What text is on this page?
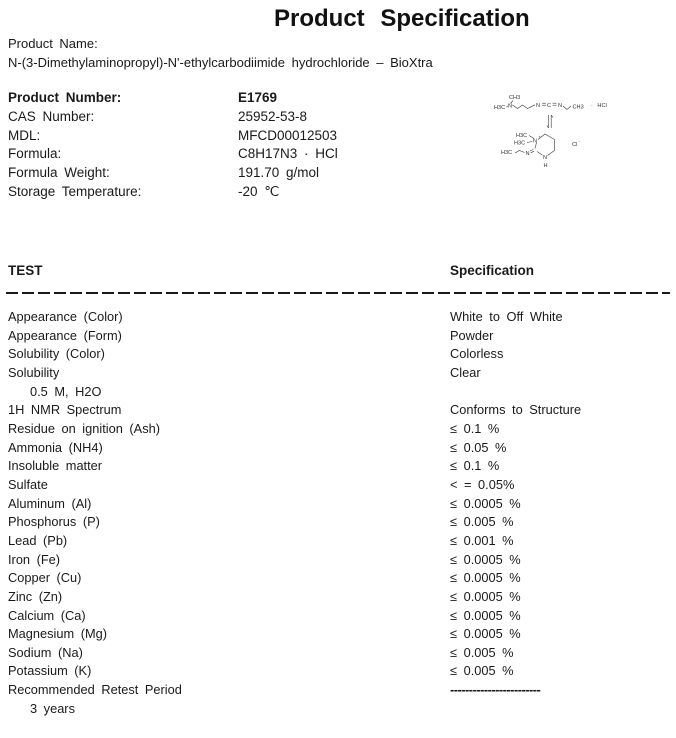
Product Specification
Product Name:
N-(3-Dimethylaminopropyl)-N'-ethylcarbodiimide hydrochloride – BioXtra
Product Number:	E1769
CAS Number:	25952-53-8
MDL:	MFCD00012503
Formula:	C8H17N3 · HCl
Formula Weight:	191.70 g/mol
Storage Temperature:	-20 ℃
CH3
H3C N	N C N CH3 · HCl
H3C
H3C
+
N
N
H3C
N
H
Cl
-
TEST	Specification
Appearance (Color)	White to Off White
Appearance (Form)	Powder
Solubility (Color)	Colorless
Solubility	Clear
0.5 M, H2O
1H NMR Spectrum	Conforms to Structure
Residue on ignition (Ash)	≤ 0.1 %
Ammonia (NH4)	≤ 0.05 %
Insoluble matter	≤ 0.1 %
Sulfate	< = 0.05%
Aluminum (Al)	≤ 0.0005 %
Phosphorus (P)	≤ 0.005 %
Lead (Pb)	≤ 0.001 %
Iron (Fe)	≤ 0.0005 %
Copper (Cu)	≤ 0.0005 %
Zinc (Zn)	≤ 0.0005 %
Calcium (Ca)	≤ 0.0005 %
Magnesium (Mg)	≤ 0.0005 %
Sodium (Na)	≤ 0.005 %
Potassium (K)	≤ 0.005 %
Recommended Retest Period	------------------------
3 years
